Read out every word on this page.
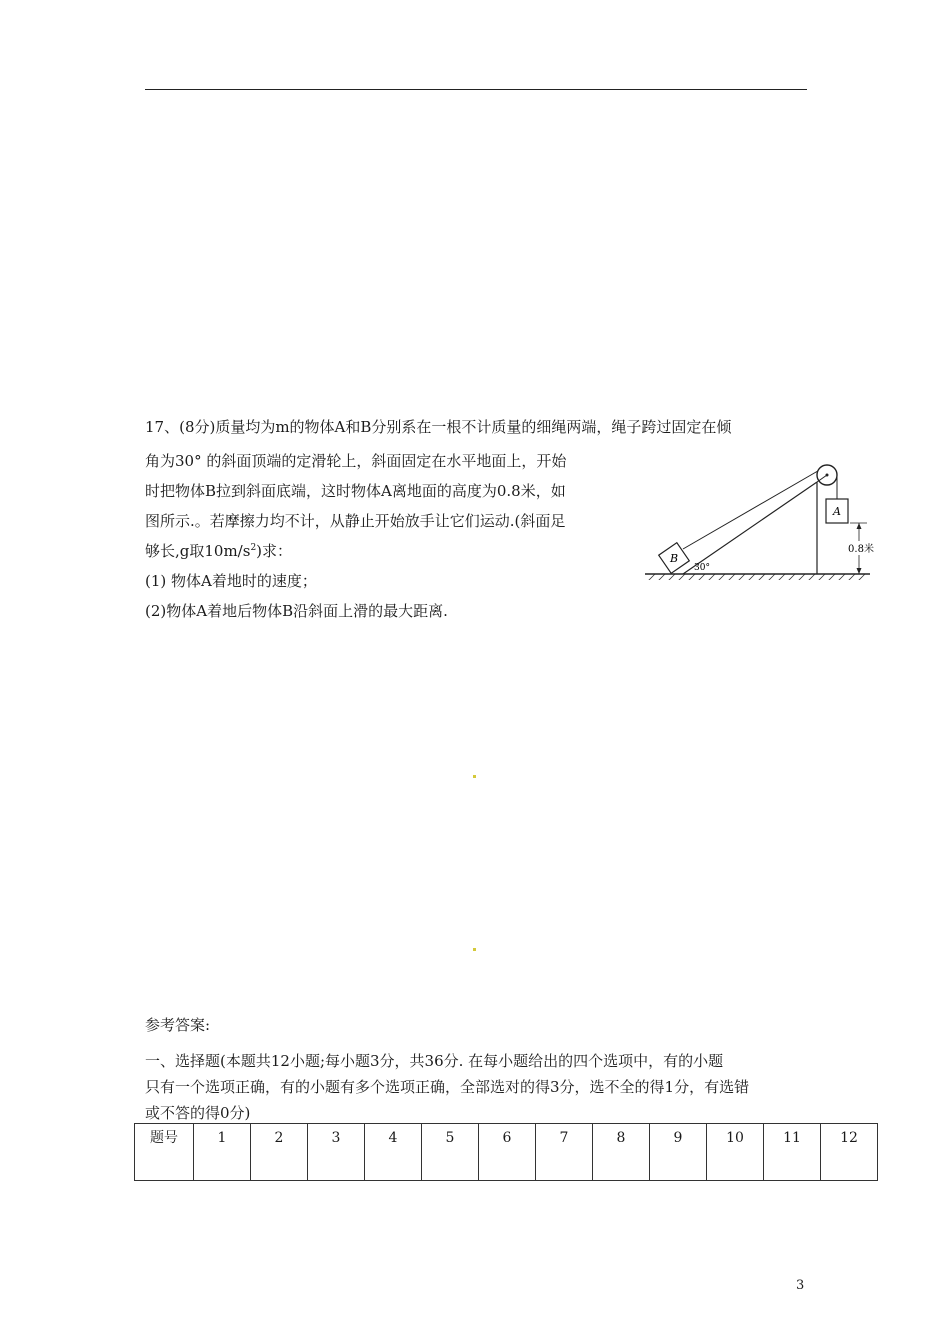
17、(8分)质量均为m的物体A和B分别系在一根不计质量的细绳两端，绳子跨过固定在倾
角为30° 的斜面顶端的定滑轮上，斜面固定在水平地面上，开始
时把物体B拉到斜面底端，这时物体A离地面的高度为0.8米，如
图所示.。若摩擦力均不计，从静止开始放手让它们运动.(斜面足
够长,g取$10m/s^2$)求：
(1) 物体A着地时的速度；
(2)物体A着地后物体B沿斜面上滑的最大距离.
B
30°
A
0.8米
参考答案:
一、选择题(本题共12小题;每小题3分，共36分. 在每小题给出的四个选项中，有的小题
只有一个选项正确，有的小题有多个选项正确，全部选对的得3分，选不全的得1分，有选错
或不答的得0分)
题号	1	2	3	4	5	6	7	8	9	10	11	12
3
